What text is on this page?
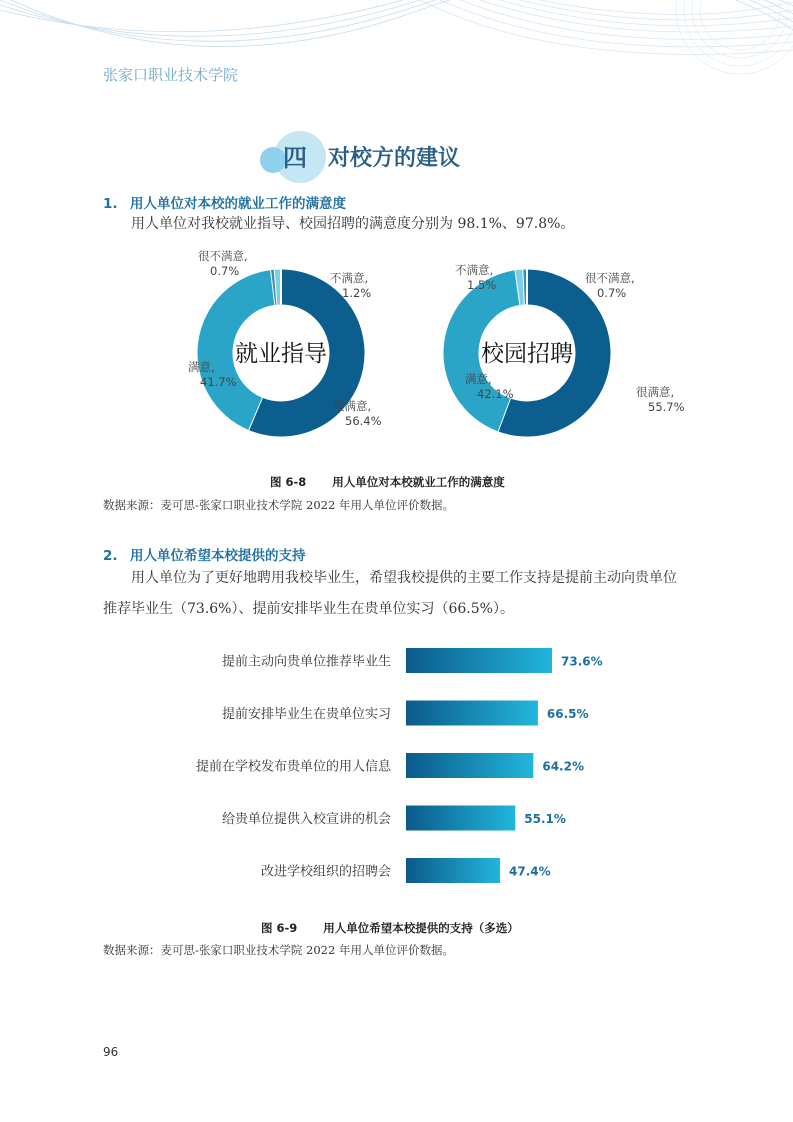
张家口职业技术学院
四 对校方的建议
1. 用人单位对本校的就业工作的满意度
用人单位对我校就业指导、校园招聘的满意度分别为 98.1%、97.8%。
就业指导
很满意, 56.4%
满意, 41.7%
很不满意, 0.7%	不满意, 1.2%
校园招聘
很满意, 55.7%
满意, 42.1%
不满意, 1.5%	很不满意, 0.7%
图 6-8 用人单位对本校就业工作的满意度
数据来源：麦可思-张家口职业技术学院 2022 年用人单位评价数据。
2. 用人单位希望本校提供的支持
用人单位为了更好地聘用我校毕业生，希望我校提供的主要工作支持是提前主动向贵单位
推荐毕业生（73.6%）、提前安排毕业生在贵单位实习（66.5%）。
提前主动向贵单位推荐毕业生	73.6%
提前安排毕业生在贵单位实习	66.5%
提前在学校发布贵单位的用人信息	64.2%
给贵单位提供入校宣讲的机会	55.1%
改进学校组织的招聘会	47.4%
图 6-9 用人单位希望本校提供的支持（多选）
数据来源：麦可思-张家口职业技术学院 2022 年用人单位评价数据。
96
